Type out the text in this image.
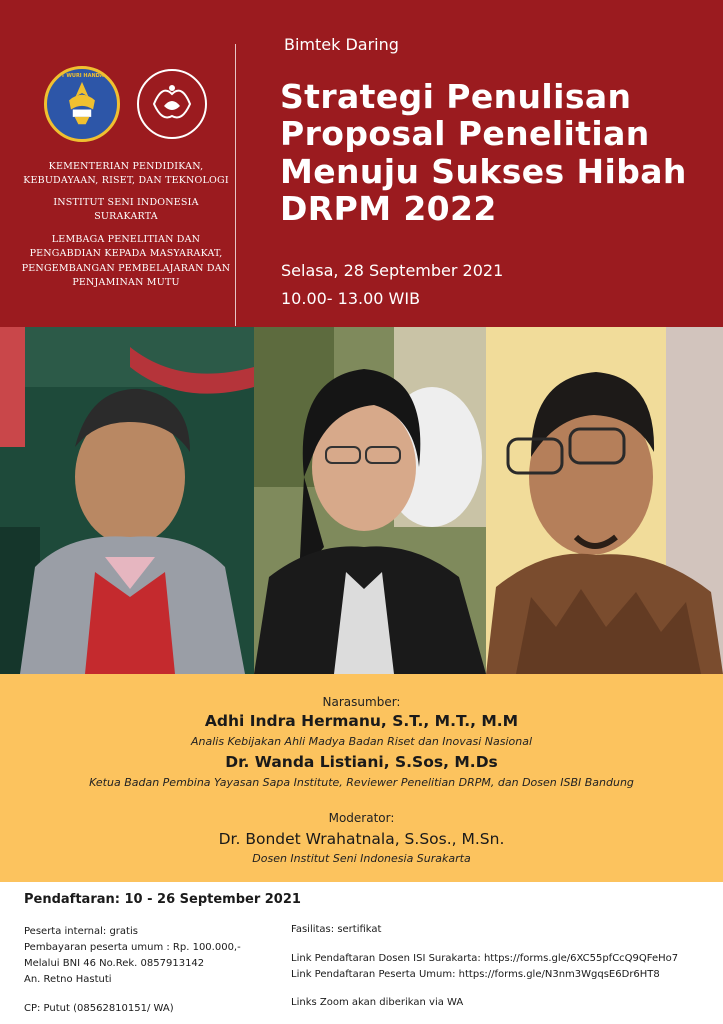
TUT WURI HANDAYANI
KEMENTERIAN PENDIDIKAN,
KEBUDAYAAN, RISET, DAN TEKNOLOGI
INSTITUT SENI INDONESIA
SURAKARTA
LEMBAGA PENELITIAN DAN
PENGABDIAN KEPADA MASYARAKAT,
PENGEMBANGAN PEMBELAJARAN DAN
PENJAMINAN MUTU
Bimtek Daring
Strategi Penulisan
Proposal Penelitian
Menuju Sukses Hibah
DRPM 2022
Selasa, 28 September 2021
10.00- 13.00 WIB
Narasumber:
Adhi Indra Hermanu, S.T., M.T., M.M
Analis Kebijakan Ahli Madya Badan Riset dan Inovasi Nasional
Dr. Wanda Listiani, S.Sos, M.Ds
Ketua Badan Pembina Yayasan Sapa Institute, Reviewer Penelitian DRPM, dan Dosen ISBI Bandung
Moderator:
Dr. Bondet Wrahatnala, S.Sos., M.Sn.
Dosen Institut Seni Indonesia Surakarta
Pendaftaran: 10 - 26 September 2021
Peserta internal: gratis
Pembayaran peserta umum : Rp. 100.000,-
Melalui BNI 46 No.Rek. 0857913142
An. Retno Hastuti
CP: Putut (08562810151/ WA)
Fasilitas: sertifikat
Link Pendaftaran Dosen ISI Surakarta: https://forms.gle/6XC55pfCcQ9QFeHo7
Link Pendaftaran Peserta Umum: https://forms.gle/N3nm3WgqsE6Dr6HT8
Links Zoom akan diberikan via WA
